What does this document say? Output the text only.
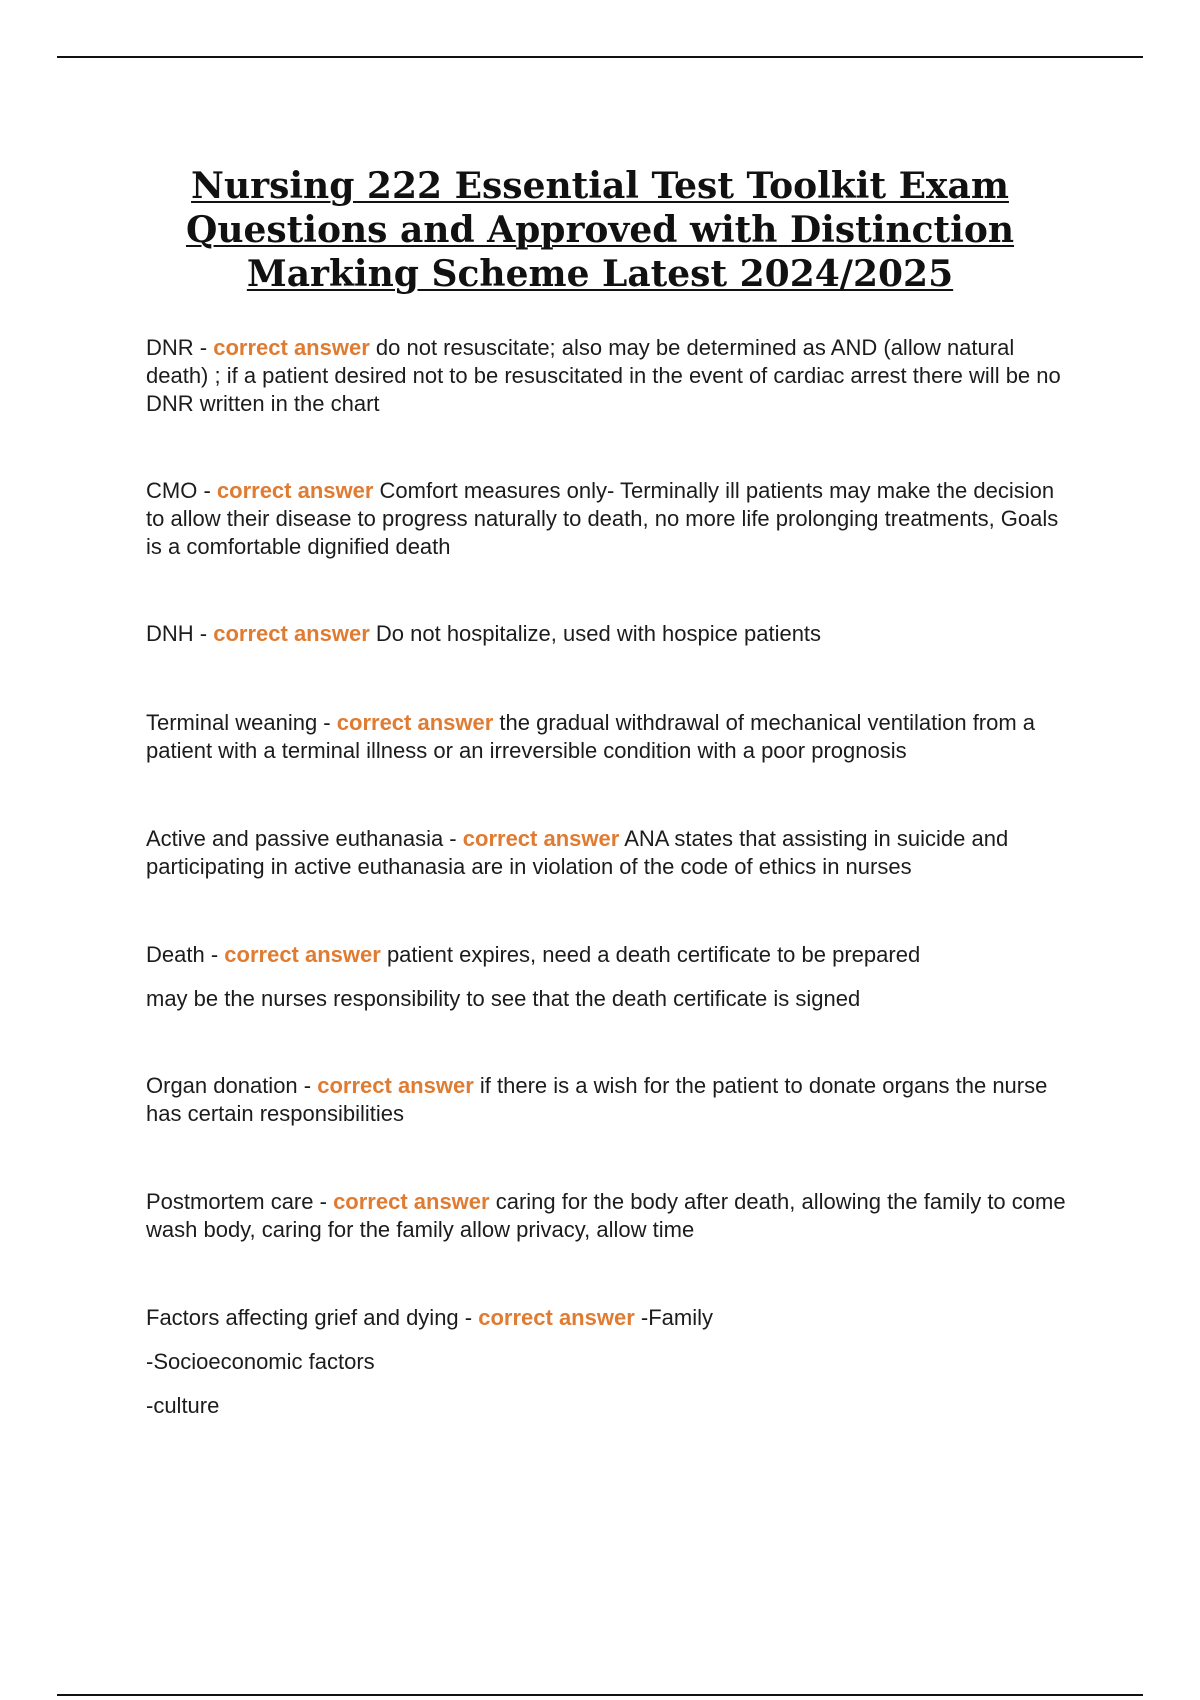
Nursing 222 Essential Test Toolkit Exam Questions and Approved with Distinction Marking Scheme Latest 2024/2025

DNR - correct answer do not resuscitate; also may be determined as AND (allow natural death) ; if a patient desired not to be resuscitated in the event of cardiac arrest there will be no DNR written in the chart

CMO - correct answer Comfort measures only- Terminally ill patients may make the decision to allow their disease to progress naturally to death, no more life prolonging treatments, Goals is a comfortable dignified death

DNH - correct answer Do not hospitalize, used with hospice patients

Terminal weaning - correct answer the gradual withdrawal of mechanical ventilation from a patient with a terminal illness or an irreversible condition with a poor prognosis

Active and passive euthanasia - correct answer ANA states that assisting in suicide and participating in active euthanasia are in violation of the code of ethics in nurses

Death - correct answer patient expires, need a death certificate to be prepared

may be the nurses responsibility to see that the death certificate is signed

Organ donation - correct answer if there is a wish for the patient to donate organs the nurse has certain responsibilities

Postmortem care - correct answer caring for the body after death, allowing the family to come wash body, caring for the family allow privacy, allow time

Factors affecting grief and dying - correct answer -Family

-Socioeconomic factors

-culture
